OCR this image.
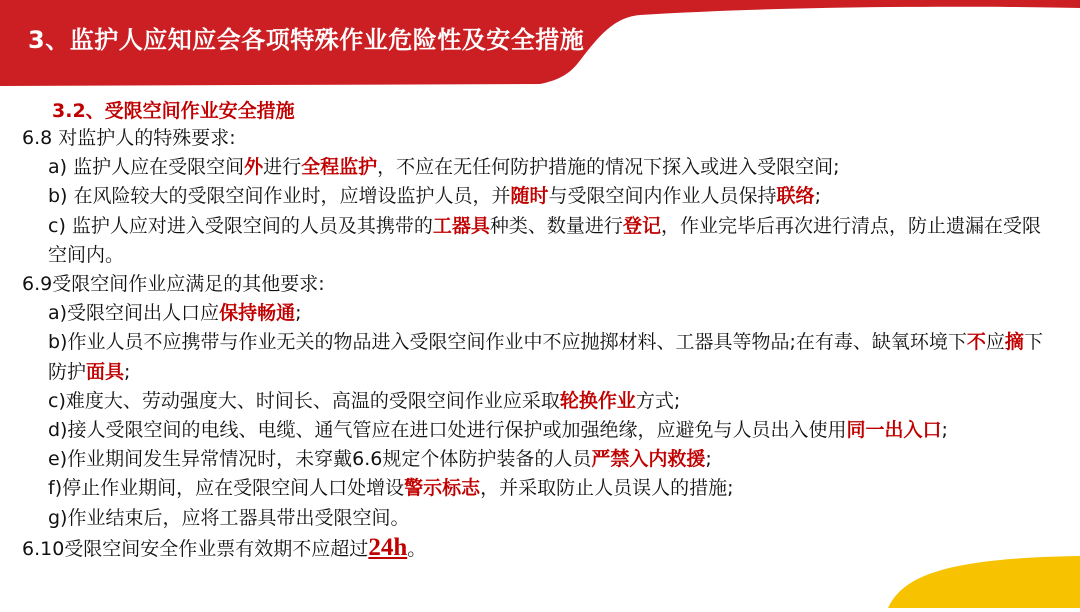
3、监护人应知应会各项特殊作业危险性及安全措施
3.2、受限空间作业安全措施

6.8 对监护人的特殊要求:

a) 监护人应在受限空间外进行全程监护，不应在无任何防护措施的情况下探入或进入受限空间;

b) 在风险较大的受限空间作业时，应增设监护人员，并随时与受限空间内作业人员保持联络;

c) 监护人应对进入受限空间的人员及其携带的工器具种类、数量进行登记，作业完毕后再次进行清点，防止遗漏在受限空间内。

6.9受限空间作业应满足的其他要求:

a)受限空间出人口应保持畅通;

b)作业人员不应携带与作业无关的物品进入受限空间作业中不应抛掷材料、工器具等物品;在有毒、缺氧环境下不应摘下防护面具;

c)难度大、劳动强度大、时间长、高温的受限空间作业应采取轮换作业方式;

d)接人受限空间的电线、电缆、通气管应在进口处进行保护或加强绝缘，应避免与人员出入使用同一出入口;

e)作业期间发生异常情况时，未穿戴6.6规定个体防护装备的人员严禁入内救援;

f)停止作业期间，应在受限空间人口处增设警示标志，并采取防止人员误人的措施;

g)作业结束后，应将工器具带出受限空间。

6.10受限空间安全作业票有效期不应超过24h。
